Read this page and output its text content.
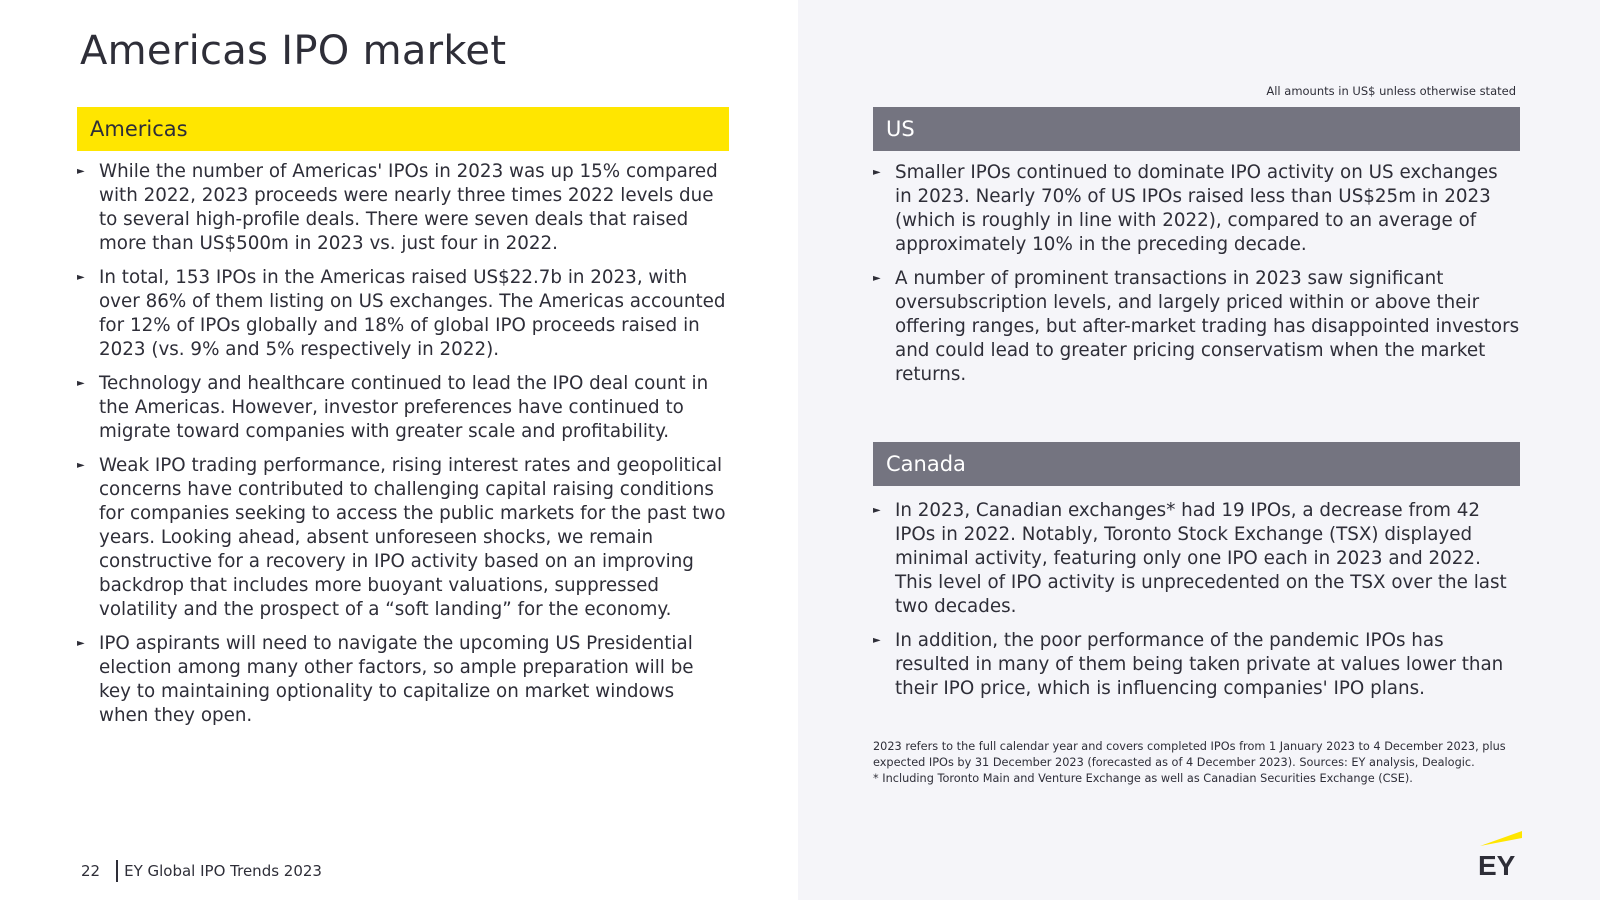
Americas IPO market
All amounts in US$ unless otherwise stated
Americas
► While the number of Americas' IPOs in 2023 was up 15% compared with 2022, 2023 proceeds were nearly three times 2022 levels due to several high-profile deals. There were seven deals that raised more than US$500m in 2023 vs. just four in 2022.
► In total, 153 IPOs in the Americas raised US$22.7b in 2023, with over 86% of them listing on US exchanges. The Americas accounted for 12% of IPOs globally and 18% of global IPO proceeds raised in 2023 (vs. 9% and 5% respectively in 2022).
► Technology and healthcare continued to lead the IPO deal count in the Americas. However, investor preferences have continued to migrate toward companies with greater scale and profitability.
► Weak IPO trading performance, rising interest rates and geopolitical concerns have contributed to challenging capital raising conditions for companies seeking to access the public markets for the past two years. Looking ahead, absent unforeseen shocks, we remain constructive for a recovery in IPO activity based on an improving backdrop that includes more buoyant valuations, suppressed volatility and the prospect of a “soft landing” for the economy.
► IPO aspirants will need to navigate the upcoming US Presidential election among many other factors, so ample preparation will be key to maintaining optionality to capitalize on market windows when they open.
US
► Smaller IPOs continued to dominate IPO activity on US exchanges in 2023. Nearly 70% of US IPOs raised less than US$25m in 2023 (which is roughly in line with 2022), compared to an average of approximately 10% in the preceding decade.
► A number of prominent transactions in 2023 saw significant oversubscription levels, and largely priced within or above their offering ranges, but after-market trading has disappointed investors and could lead to greater pricing conservatism when the market returns.
Canada
► In 2023, Canadian exchanges* had 19 IPOs, a decrease from 42 IPOs in 2022. Notably, Toronto Stock Exchange (TSX) displayed minimal activity, featuring only one IPO each in 2023 and 2022. This level of IPO activity is unprecedented on the TSX over the last two decades.
► In addition, the poor performance of the pandemic IPOs has resulted in many of them being taken private at values lower than their IPO price, which is influencing companies' IPO plans.

2023 refers to the full calendar year and covers completed IPOs from 1 January 2023 to 4 December 2023, plus expected IPOs by 31 December 2023 (forecasted as of 4 December 2023). Sources: EY analysis, Dealogic.

* Including Toronto Main and Venture Exchange as well as Canadian Securities Exchange (CSE).

22 EY Global IPO Trends 2023	EY
